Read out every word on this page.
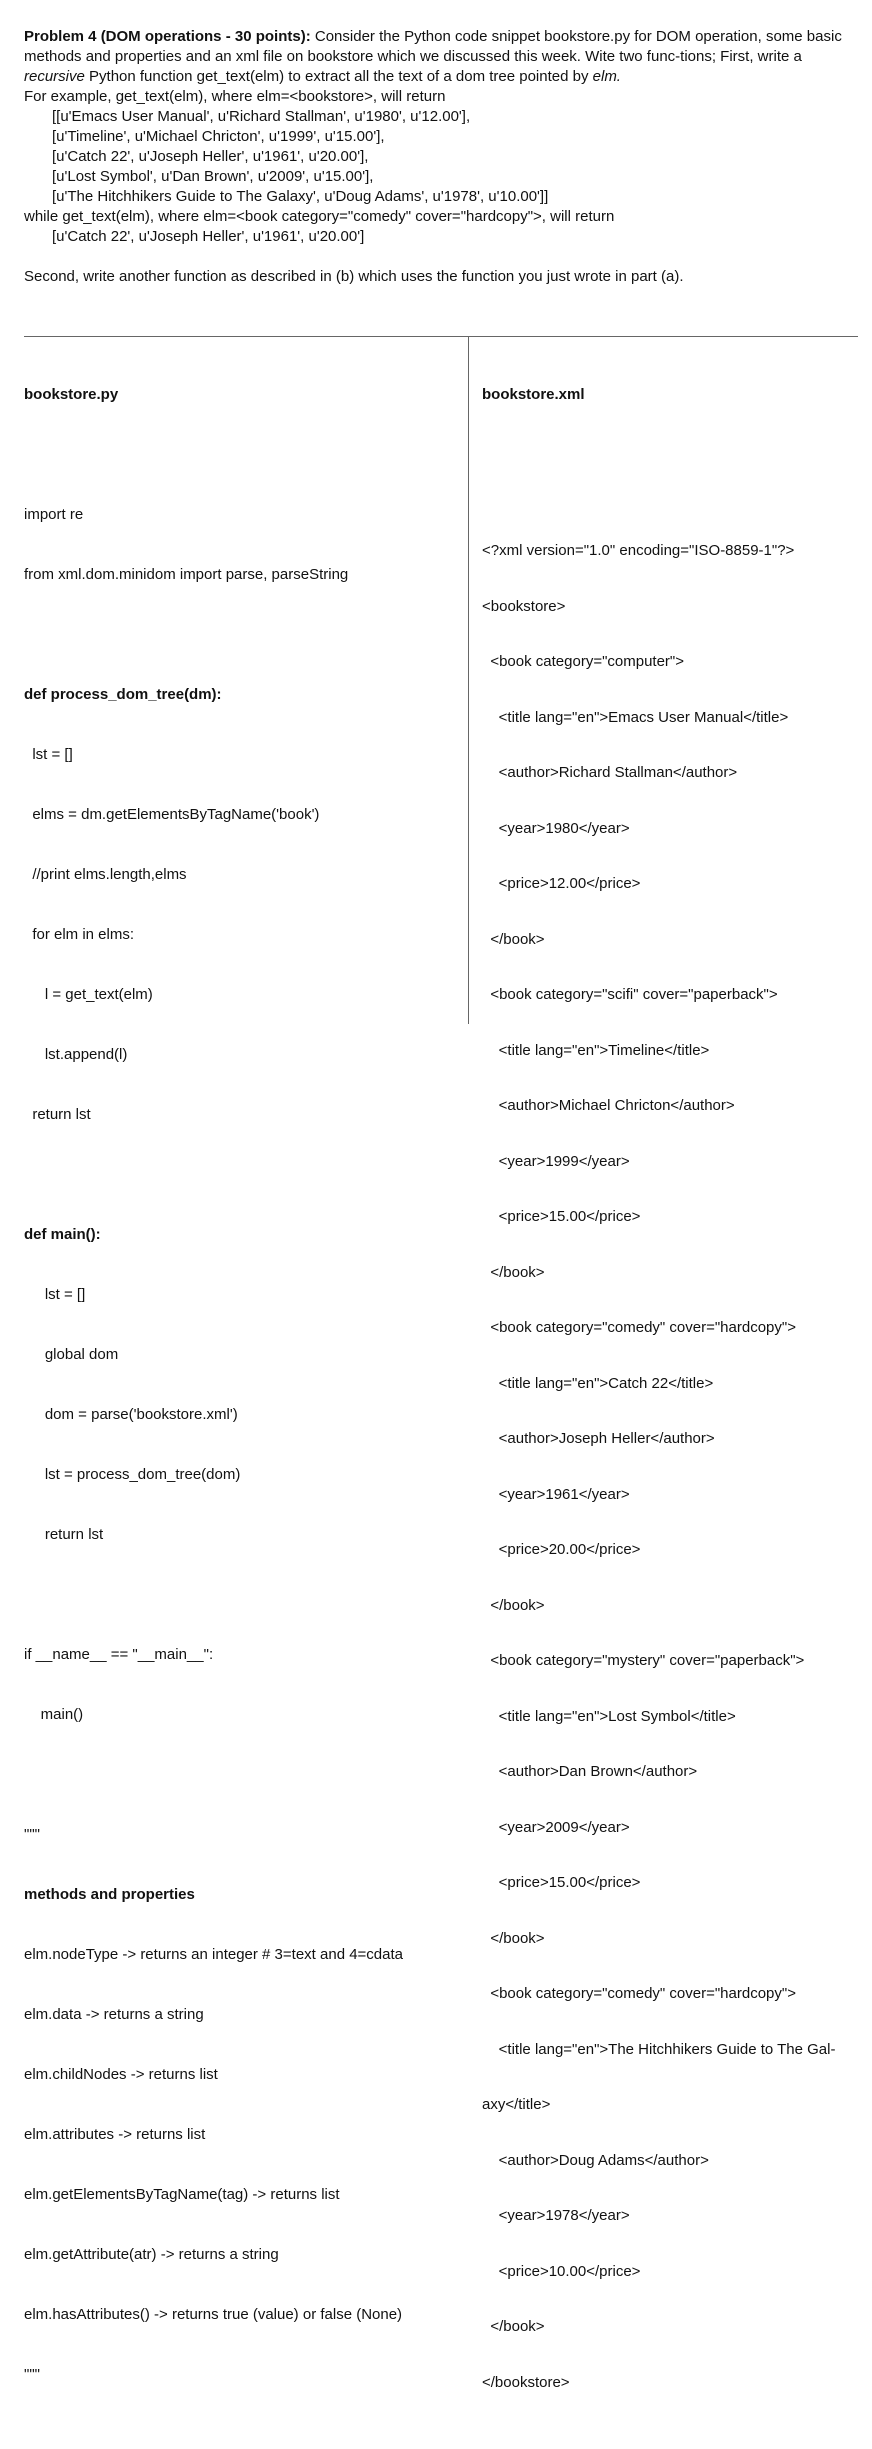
Problem 4 (DOM operations - 30 points): Consider the Python code snippet bookstore.py for DOM operation, some basic methods and properties and an xml file on bookstore which we discussed this week. Wite two func-tions; First, write a recursive Python function get_text(elm) to extract all the text of a dom tree pointed by elm.

For example, get_text(elm), where elm=<bookstore>, will return

[[u'Emacs User Manual', u'Richard Stallman', u'1980', u'12.00'],

[u'Timeline', u'Michael Chricton', u'1999', u'15.00'],

[u'Catch 22', u'Joseph Heller', u'1961', u'20.00'],

[u'Lost Symbol', u'Dan Brown', u'2009', u'15.00'],

[u'The Hitchhikers Guide to The Galaxy', u'Doug Adams', u'1978', u'10.00']]

while get_text(elm), where elm=<book category="comedy" cover="hardcopy">, will return

[u'Catch 22', u'Joseph Heller', u'1961', u'20.00']

Second, write another function as described in (b) which uses the function you just wrote in part (a).

bookstore.py

import re

from xml.dom.minidom import parse, parseString

def process_dom_tree(dm):

lst = []

elms = dm.getElementsByTagName('book')

//print elms.length,elms

for elm in elms:

l = get_text(elm)

lst.append(l)

return lst

def main():

lst = []

global dom

dom = parse('bookstore.xml')

lst = process_dom_tree(dom)

return lst

if __name__ == "__main__":

main()

"""

methods and properties

elm.nodeType -> returns an integer # 3=text and 4=cdata

elm.data -> returns a string

elm.childNodes -> returns list

elm.attributes -> returns list

elm.getElementsByTagName(tag) -> returns list

elm.getAttribute(atr) -> returns a string

elm.hasAttributes() -> returns true (value) or false (None)

"""

bookstore.xml

<?xml version="1.0" encoding="ISO-8859-1"?>

<bookstore>

<book category="computer">

<title lang="en">Emacs User Manual</title>

<author>Richard Stallman</author>

<year>1980</year>

<price>12.00</price>

</book>

<book category="scifi" cover="paperback">

<title lang="en">Timeline</title>

<author>Michael Chricton</author>

<year>1999</year>

<price>15.00</price>

</book>

<book category="comedy" cover="hardcopy">

<title lang="en">Catch 22</title>

<author>Joseph Heller</author>

<year>1961</year>

<price>20.00</price>

</book>

<book category="mystery" cover="paperback">

<title lang="en">Lost Symbol</title>

<author>Dan Brown</author>

<year>2009</year>

<price>15.00</price>

</book>

<book category="comedy" cover="hardcopy">

<title lang="en">The Hitchhikers Guide to The Gal-

axy</title>

<author>Doug Adams</author>

<year>1978</year>

<price>10.00</price>

</book>

</bookstore>
